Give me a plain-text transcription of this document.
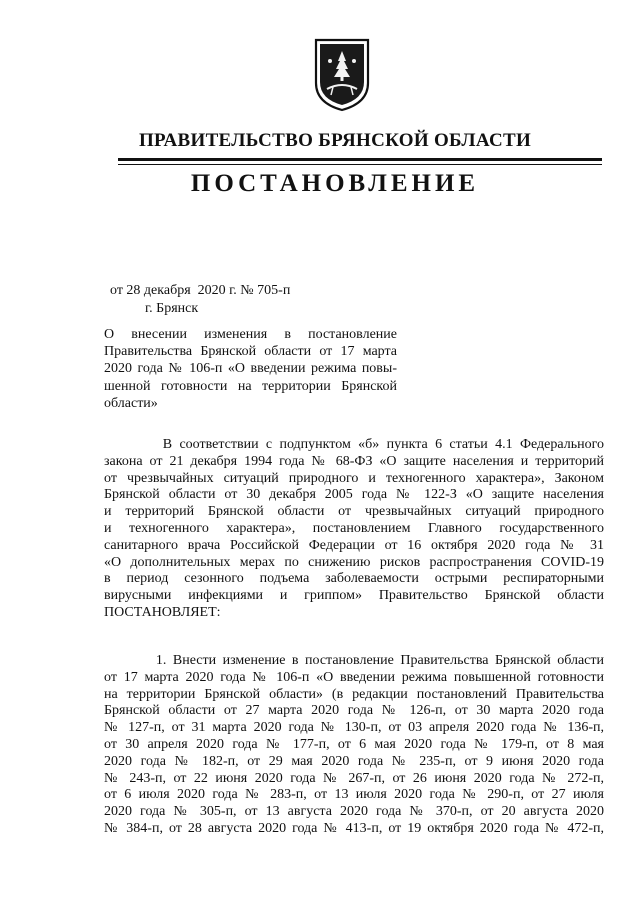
ПРАВИТЕЛЬСТВО БРЯНСКОЙ ОБЛАСТИ
ПОСТАНОВЛЕНИЕ
от 28 декабря  2020 г. № 705-п
г. Брянск
О  внесении  изменения  в  постановление
Правительства Брянской области от 17 марта
2020 года № 106-п «О введении режима повы-
шенной готовности на территории Брянской
области»
В соответствии с подпунктом «б» пункта 6 статьи 4.1 Федерального
закона от 21 декабря 1994 года № 68-ФЗ «О защите населения и территорий
от чрезвычайных ситуаций природного и техногенного характера», Законом
Брянской области от 30 декабря 2005 года № 122-З «О защите населения
и территорий Брянской области от чрезвычайных ситуаций природного
и техногенного характера», постановлением Главного государственного
санитарного врача Российской Федерации от 16 октября 2020 года № 31
«О дополнительных мерах по снижению рисков распространения COVID-19
в период сезонного подъема заболеваемости острыми респираторными
вирусными инфекциями и гриппом» Правительство Брянской области
ПОСТАНОВЛЯЕТ:
1. Внести изменение в постановление Правительства Брянской области
от 17 марта 2020 года № 106-п «О введении режима повышенной готовности
на территории Брянской области» (в редакции постановлений Правительства
Брянской области от 27 марта 2020 года № 126-п, от 30 марта 2020 года
№ 127-п, от 31 марта 2020 года № 130-п, от 03 апреля 2020 года № 136-п,
от 30 апреля 2020 года № 177-п, от 6 мая 2020 года № 179-п, от 8 мая
2020 года № 182-п, от 29 мая 2020 года № 235-п, от 9 июня 2020 года
№ 243-п, от 22 июня 2020 года № 267-п, от 26 июня 2020 года № 272-п,
от 6 июля 2020 года № 283-п, от 13 июля 2020 года № 290-п, от 27 июля
2020 года № 305-п, от 13 августа 2020 года № 370-п, от 20 августа 2020
№ 384-п, от 28 августа 2020 года № 413-п, от 19 октября 2020 года № 472-п,
